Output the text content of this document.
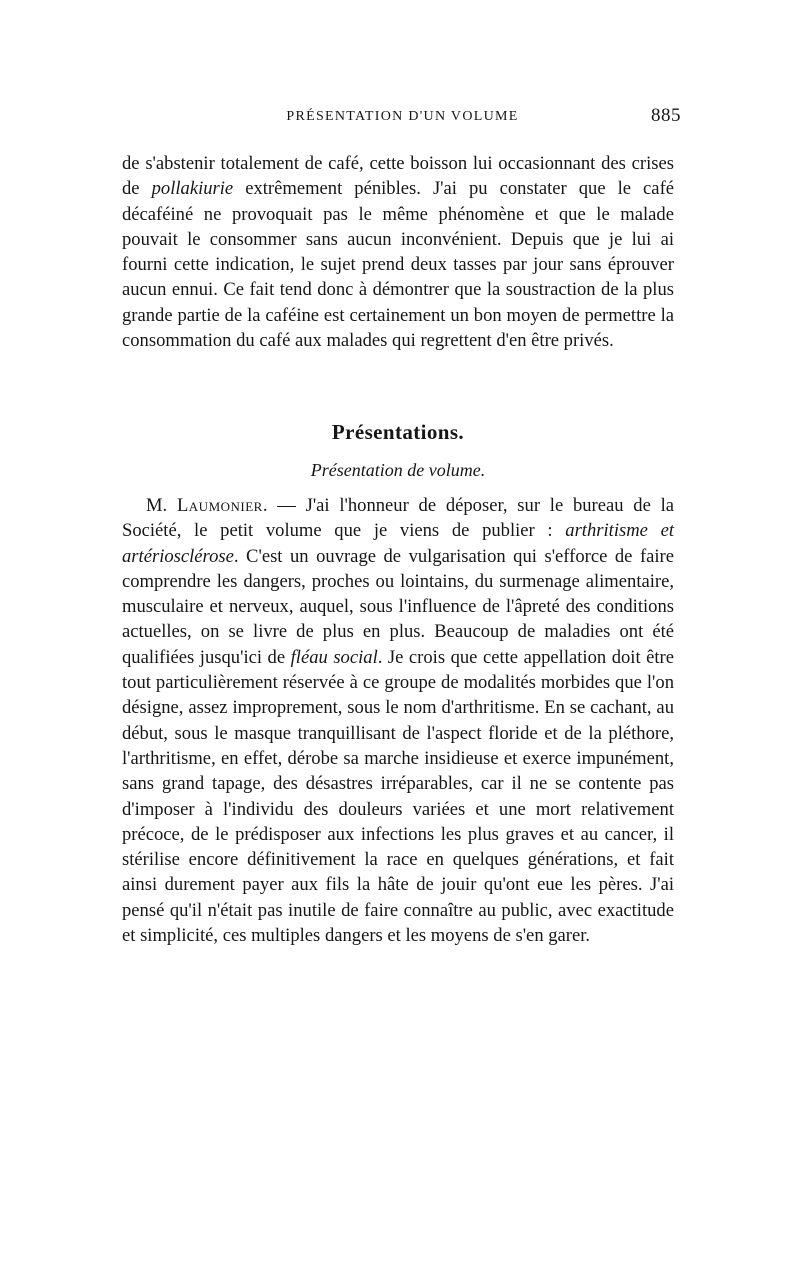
PRÉSENTATION D'UN VOLUME	885

de s'abstenir totalement de café, cette boisson lui occasionnant des crises de pollakiurie extrêmement pénibles. J'ai pu constater que le café décaféiné ne provoquait pas le même phénomène et que le malade pouvait le consommer sans aucun inconvénient. Depuis que je lui ai fourni cette indication, le sujet prend deux tasses par jour sans éprouver aucun ennui. Ce fait tend donc à démontrer que la soustraction de la plus grande partie de la caféine est certainement un bon moyen de permettre la consommation du café aux malades qui regrettent d'en être privés.

Présentations.
Présentation de volume.

M. Laumonier. — J'ai l'honneur de déposer, sur le bureau de la Société, le petit volume que je viens de publier : arthritisme et artériosclérose. C'est un ouvrage de vulgarisation qui s'efforce de faire comprendre les dangers, proches ou lointains, du surmenage alimentaire, musculaire et nerveux, auquel, sous l'influence de l'âpreté des conditions actuelles, on se livre de plus en plus. Beaucoup de maladies ont été qualifiées jusqu'ici de fléau social. Je crois que cette appellation doit être tout particulièrement réservée à ce groupe de modalités morbides que l'on désigne, assez improprement, sous le nom d'arthritisme. En se cachant, au début, sous le masque tranquillisant de l'aspect floride et de la pléthore, l'arthritisme, en effet, dérobe sa marche insidieuse et exerce impunément, sans grand tapage, des désastres irréparables, car il ne se contente pas d'imposer à l'individu des douleurs variées et une mort relativement précoce, de le prédisposer aux infections les plus graves et au cancer, il stérilise encore définitivement la race en quelques générations, et fait ainsi durement payer aux fils la hâte de jouir qu'ont eue les pères. J'ai pensé qu'il n'était pas inutile de faire connaître au public, avec exactitude et simplicité, ces multiples dangers et les moyens de s'en garer.
